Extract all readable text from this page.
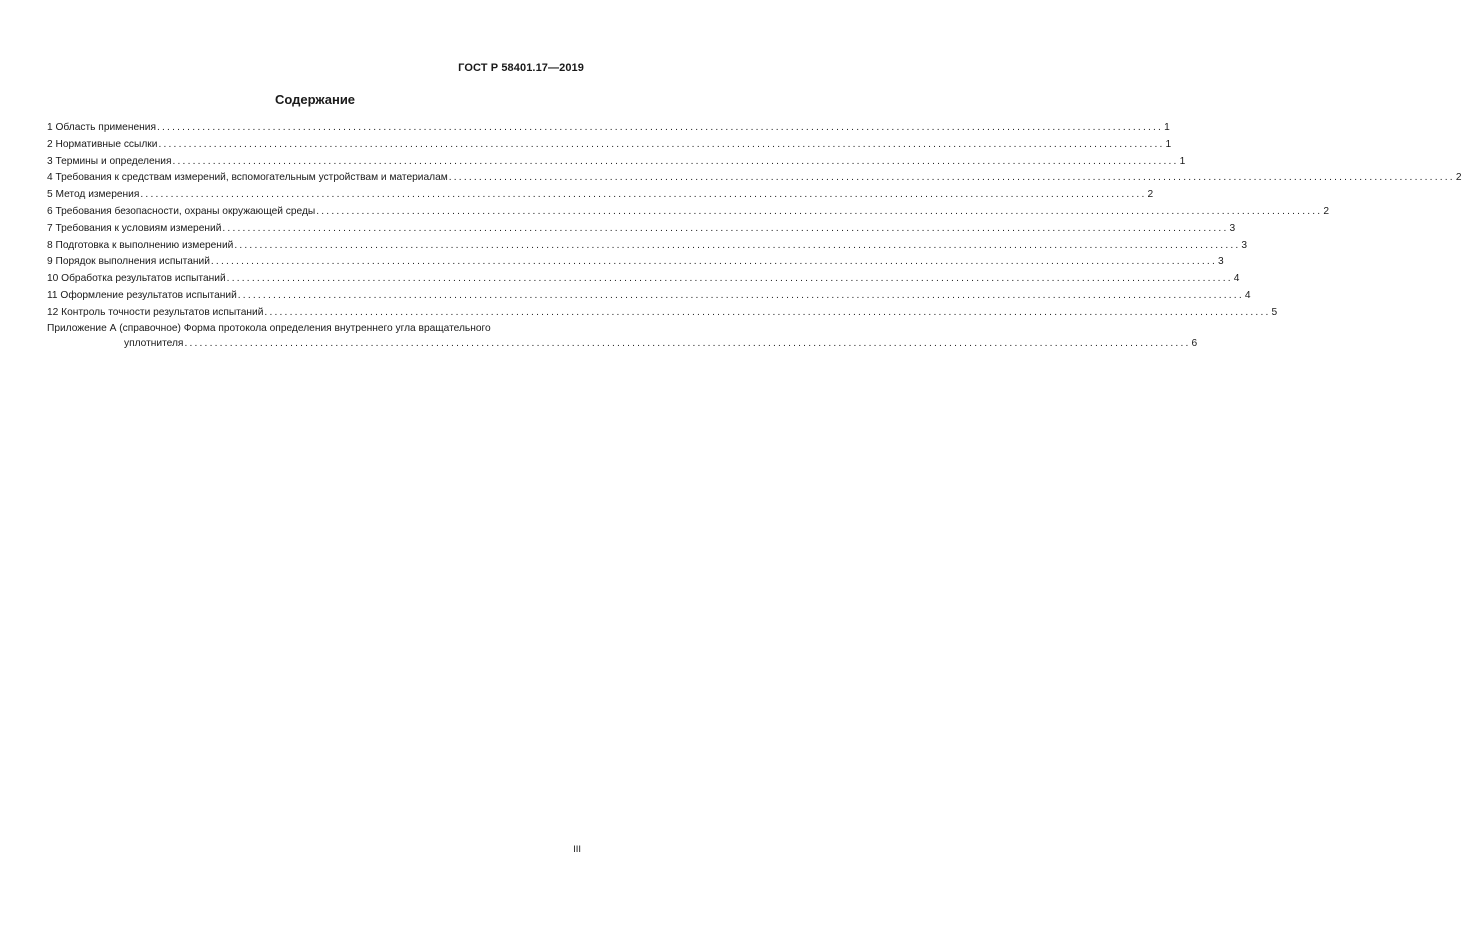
ГОСТ Р 58401.17—2019
Содержание
1 Область применения ........................................................................................................................................................................................................ 1
2 Нормативные ссылки ........................................................................................................................................................................................................ 1
3 Термины и определения ........................................................................................................................................................................................................ 1
4 Требования к средствам измерений, вспомогательным устройствам и материалам ........................................................................................................................................................................................................ 2
5 Метод измерения ........................................................................................................................................................................................................ 2
6 Требования безопасности, охраны окружающей среды ........................................................................................................................................................................................................ 2
7 Требования к условиям измерений ........................................................................................................................................................................................................ 3
8 Подготовка к выполнению измерений ........................................................................................................................................................................................................ 3
9 Порядок выполнения испытаний ........................................................................................................................................................................................................ 3
10 Обработка результатов испытаний ........................................................................................................................................................................................................ 4
11 Оформление результатов испытаний ........................................................................................................................................................................................................ 4
12 Контроль точности результатов испытаний ........................................................................................................................................................................................................ 5
Приложение А (справочное) Форма протокола определения внутреннего угла вращательного
уплотнителя ........................................................................................................................................................................................................ 6
III
